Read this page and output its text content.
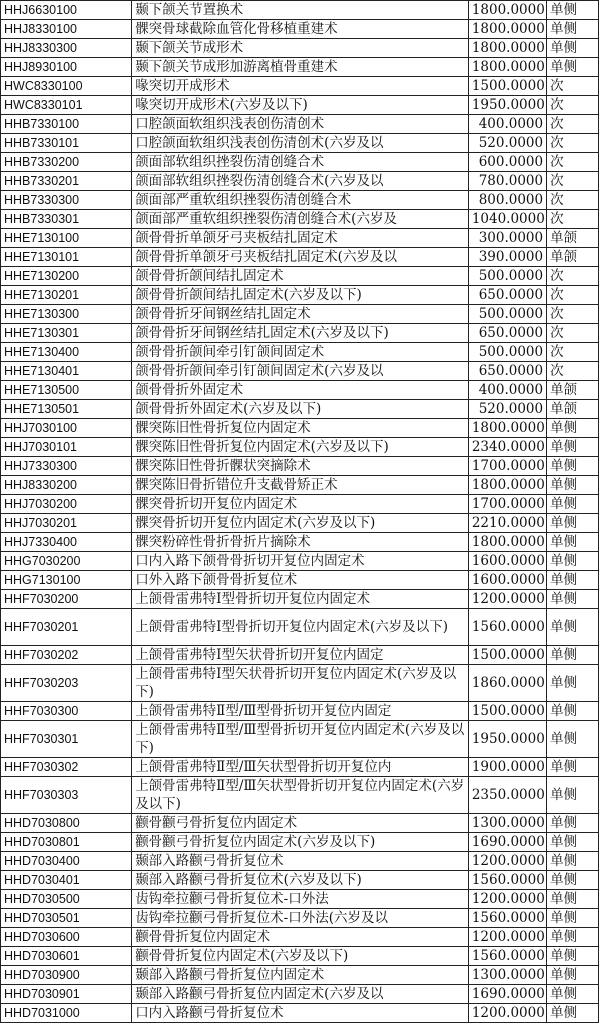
HHJ6630100	颞下颌关节置换术	1800.0000	单侧
HHJ8330100	髁突骨球截除血管化骨移植重建术	1800.0000	单侧
HHJ8330300	颞下颌关节成形术	1800.0000	单侧
HHJ8930100	颞下颌关节成形加游离植骨重建术	1800.0000	单侧
HWC8330100	喙突切开成形术	1500.0000	次
HWC8330101	喙突切开成形术(六岁及以下)	1950.0000	次
HHB7330100	口腔颌面软组织浅表创伤清创术	400.0000	次
HHB7330101	口腔颌面软组织浅表创伤清创术(六岁及以	520.0000	次
HHB7330200	颌面部软组织挫裂伤清创缝合术	600.0000	次
HHB7330201	颌面部软组织挫裂伤清创缝合术(六岁及以	780.0000	次
HHB7330300	颌面部严重软组织挫裂伤清创缝合术	800.0000	次
HHB7330301	颌面部严重软组织挫裂伤清创缝合术(六岁及	1040.0000	次
HHE7130100	颌骨骨折单颌牙弓夹板结扎固定术	300.0000	单颌
HHE7130101	颌骨骨折单颌牙弓夹板结扎固定术(六岁及以	390.0000	单颌
HHE7130200	颌骨骨折颌间结扎固定术	500.0000	次
HHE7130201	颌骨骨折颌间结扎固定术(六岁及以下)	650.0000	次
HHE7130300	颌骨骨折牙间钢丝结扎固定术	500.0000	次
HHE7130301	颌骨骨折牙间钢丝结扎固定术(六岁及以下)	650.0000	次
HHE7130400	颌骨骨折颌间牵引钉颌间固定术	500.0000	次
HHE7130401	颌骨骨折颌间牵引钉颌间固定术(六岁及以	650.0000	次
HHE7130500	颌骨骨折外固定术	400.0000	单颌
HHE7130501	颌骨骨折外固定术(六岁及以下)	520.0000	单颌
HHJ7030100	髁突陈旧性骨折复位内固定术	1800.0000	单侧
HHJ7030101	髁突陈旧性骨折复位内固定术(六岁及以下)	2340.0000	单侧
HHJ7330300	髁突陈旧性骨折髁状突摘除术	1700.0000	单侧
HHJ8330200	髁突陈旧骨折错位升支截骨矫正术	1800.0000	单侧
HHJ7030200	髁突骨折切开复位内固定术	1700.0000	单侧
HHJ7030201	髁突骨折切开复位内固定术(六岁及以下)	2210.0000	单侧
HHJ7330400	髁突粉碎性骨折骨折片摘除术	1800.0000	单侧
HHG7030200	口内入路下颌骨骨折切开复位内固定术	1600.0000	单侧
HHG7130100	口外入路下颌骨骨折复位术	1600.0000	单侧
HHF7030200	上颌骨雷弗特Ⅰ型骨折切开复位内固定术	1200.0000	单侧
HHF7030201	上颌骨雷弗特Ⅰ型骨折切开复位内固定术(六岁及以下)	1560.0000	单侧
HHF7030202	上颌骨雷弗特Ⅰ型矢状骨折切开复位内固定	1500.0000	单侧
HHF7030203	上颌骨雷弗特Ⅰ型矢状骨折切开复位内固定术(六岁及以下)	1860.0000	单侧
HHF7030300	上颌骨雷弗特Ⅱ型/Ⅲ型骨折切开复位内固定	1500.0000	单侧
HHF7030301	上颌骨雷弗特Ⅱ型/Ⅲ型骨折切开复位内固定术(六岁及以下)	1950.0000	单侧
HHF7030302	上颌骨雷弗特Ⅱ型/Ⅲ矢状型骨折切开复位内	1900.0000	单侧
HHF7030303	上颌骨雷弗特Ⅱ型/Ⅲ矢状型骨折切开复位内固定术(六岁及以下)	2350.0000	单侧
HHD7030800	颧骨颧弓骨折复位内固定术	1300.0000	单侧
HHD7030801	颧骨颧弓骨折复位内固定术(六岁及以下)	1690.0000	单侧
HHD7030400	颞部入路颧弓骨折复位术	1200.0000	单侧
HHD7030401	颞部入路颧弓骨折复位术(六岁及以下)	1560.0000	单侧
HHD7030500	齿钩牵拉颧弓骨折复位术-口外法	1200.0000	单侧
HHD7030501	齿钩牵拉颧弓骨折复位术-口外法(六岁及以	1560.0000	单侧
HHD7030600	颧骨骨折复位内固定术	1200.0000	单侧
HHD7030601	颧骨骨折复位内固定术(六岁及以下)	1560.0000	单侧
HHD7030900	颞部入路颧弓骨折复位内固定术	1300.0000	单侧
HHD7030901	颞部入路颧弓骨折复位内固定术(六岁及以	1690.0000	单侧
HHD7031000	口内入路颧弓骨折复位术	1200.0000	单侧
